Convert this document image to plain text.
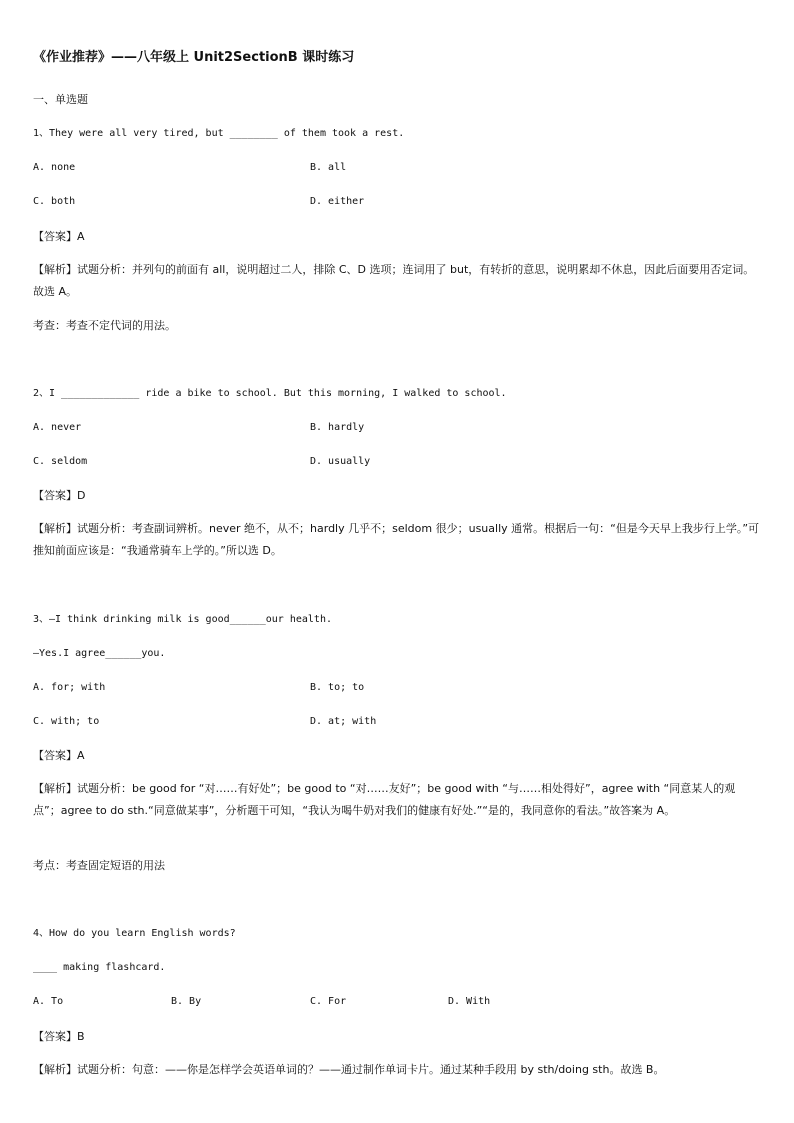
《作业推荐》——八年级上 Unit2SectionB 课时练习
一、单选题
1、They were all very tired, but ________ of them took a rest.
A. none	B. all
C. both	D. either
【答案】A
【解析】试题分析：并列句的前面有 all，说明超过二人，排除 C、D 选项；连词用了 but，有转折的意思，说明累却不休息，因此后面要用否定词。故选 A。
考查：考查不定代词的用法。
2、I _____________ ride a bike to school. But this morning, I walked to school.
A. never	B. hardly
C. seldom	D. usually
【答案】D
【解析】试题分析：考查副词辨析。never 绝不，从不；hardly 几乎不；seldom 很少；usually 通常。根据后一句：“但是今天早上我步行上学。”可推知前面应该是：“我通常骑车上学的。”所以选 D。
3、—I think drinking milk is good______our health.
—Yes.I agree______you.
A. for; with	B. to; to
C. with; to	D. at; with
【答案】A
【解析】试题分析：be good for “对……有好处”；be good to “对……友好”；be good with “与……相处得好”，agree with “同意某人的观点”；agree to do sth.“同意做某事”，分析题干可知，“我认为喝牛奶对我们的健康有好处.”“是的，我同意你的看法。”故答案为 A。
考点：考查固定短语的用法
4、How do you learn English words?
____ making flashcard.
A. To	B. By	C. For	D. With
【答案】B
【解析】试题分析：句意：——你是怎样学会英语单词的？——通过制作单词卡片。通过某种手段用 by sth/doing sth。故选 B。
